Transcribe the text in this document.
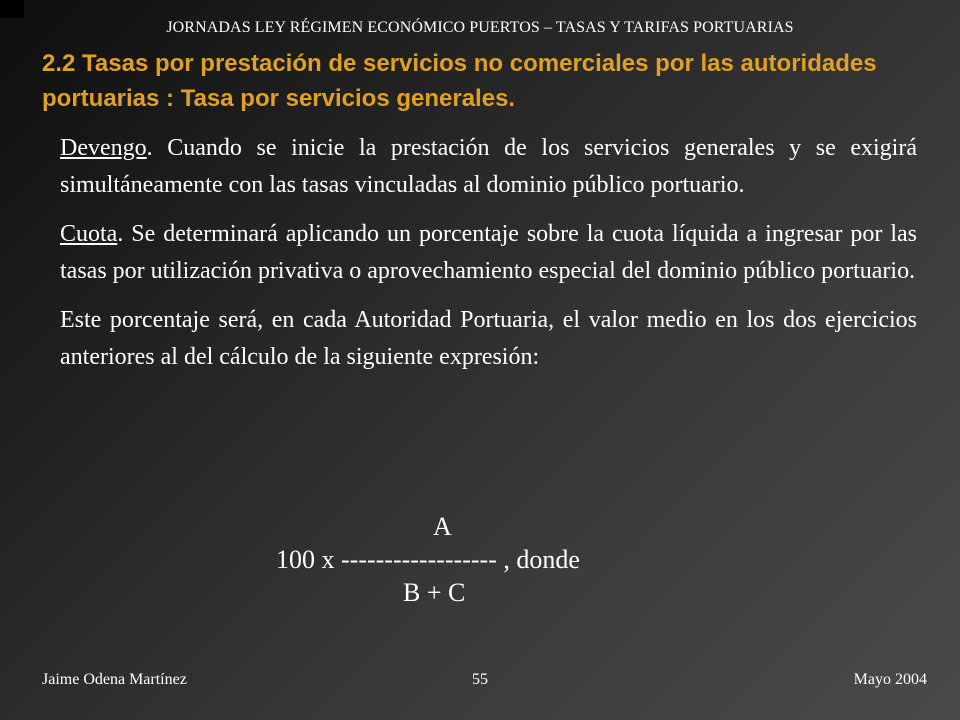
JORNADAS LEY RÉGIMEN ECONÓMICO PUERTOS – TASAS Y TARIFAS PORTUARIAS
2.2 Tasas por prestación de servicios no comerciales por las autoridades portuarias : Tasa por servicios generales.

Devengo. Cuando se inicie la prestación de los servicios generales y se exigirá simultáneamente con las tasas vinculadas al dominio público portuario.

Cuota. Se determinará aplicando un porcentaje sobre la cuota líquida a ingresar por las tasas por utilización privativa o aprovechamiento especial del dominio público portuario.

Este porcentaje será, en cada Autoridad Portuaria, el valor medio en los dos ejercicios anteriores al del cálculo de la siguiente expresión:

A
100 x ------------------ , donde
B + C
55
Jaime Odena Martínez	Mayo 2004
